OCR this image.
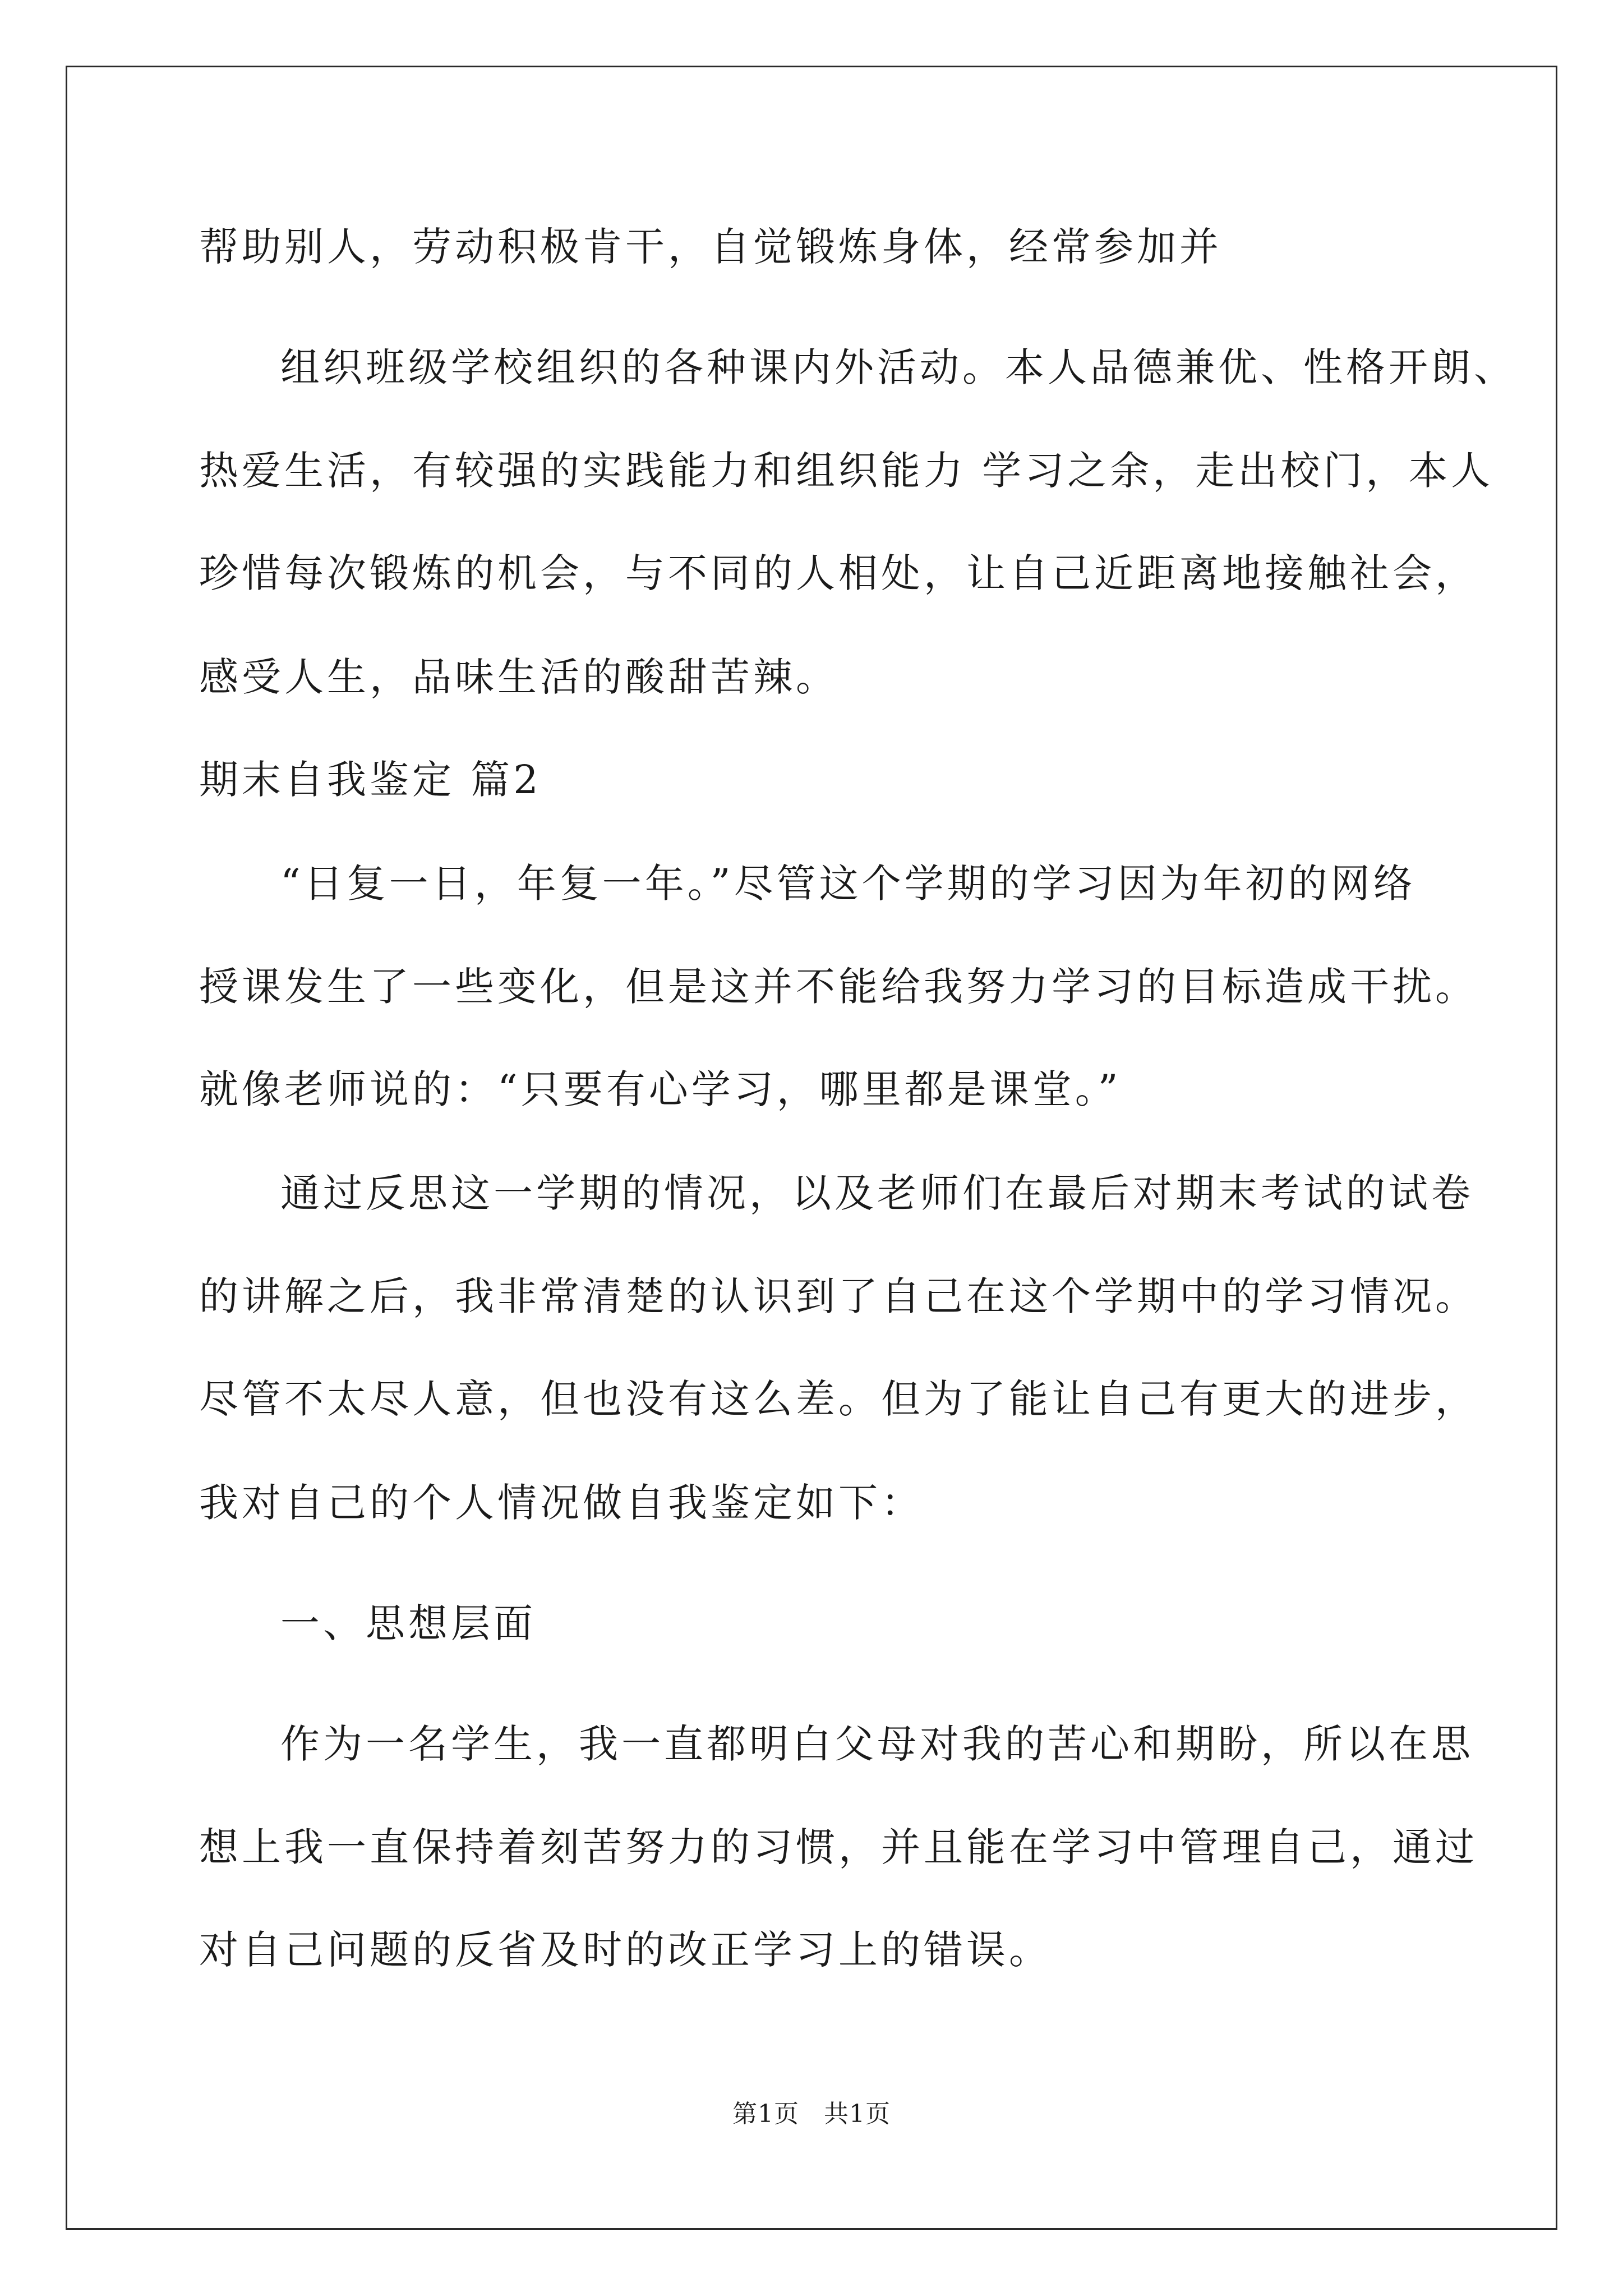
帮助别人，劳动积极肯干，自觉锻炼身体，经常参加并
组织班级学校组织的各种课内外活动。本人品德兼优、性格开朗、
热爱生活，有较强的实践能力和组织能力 学习之余，走出校门，本人
珍惜每次锻炼的机会，与不同的人相处，让自己近距离地接触社会，
感受人生，品味生活的酸甜苦辣。
期末自我鉴定 篇2
“日复一日，年复一年。”尽管这个学期的学习因为年初的网络
授课发生了一些变化，但是这并不能给我努力学习的目标造成干扰。
就像老师说的：“只要有心学习，哪里都是课堂。”
通过反思这一学期的情况，以及老师们在最后对期末考试的试卷
的讲解之后，我非常清楚的认识到了自己在这个学期中的学习情况。
尽管不太尽人意，但也没有这么差。但为了能让自己有更大的进步，
我对自己的个人情况做自我鉴定如下：
一、思想层面
作为一名学生，我一直都明白父母对我的苦心和期盼，所以在思
想上我一直保持着刻苦努力的习惯，并且能在学习中管理自己，通过
对自己问题的反省及时的改正学习上的错误。
第1页 共1页
